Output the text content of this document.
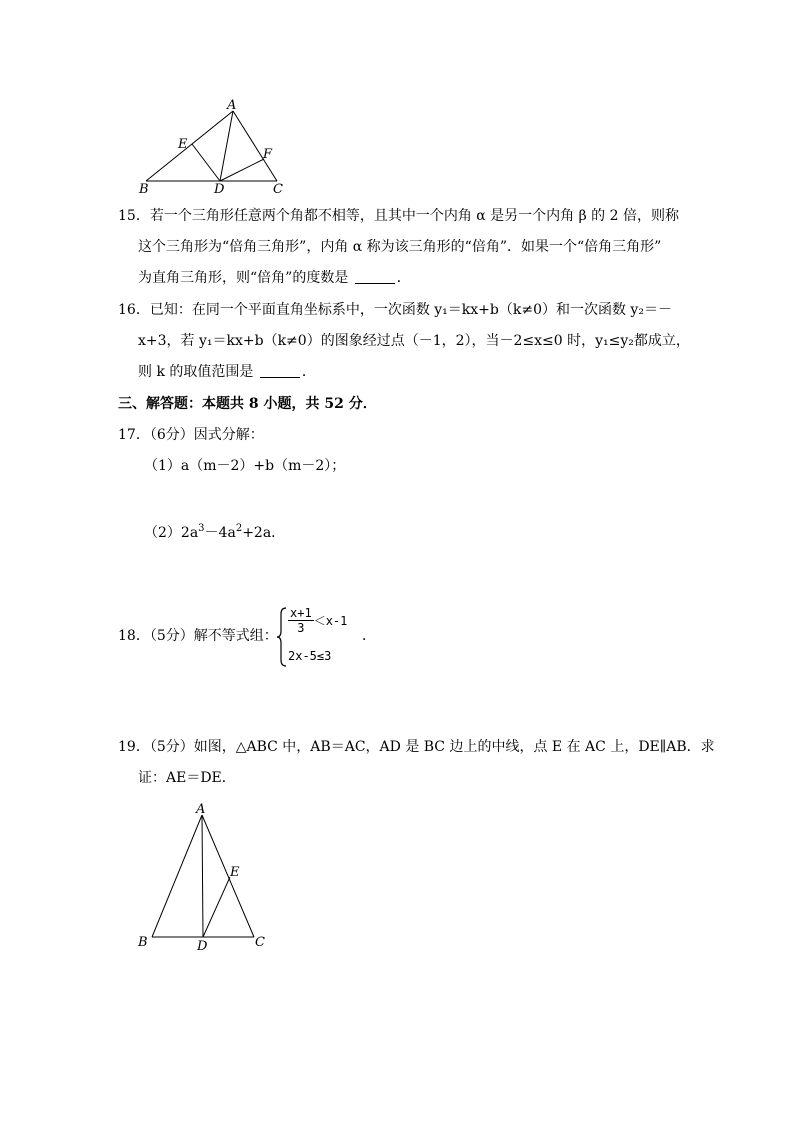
A
E
F
B	D	C
15．若一个三角形任意两个角都不相等，且其中一个内角 α 是另一个内角 β 的 2 倍，则称
这个三角形为“倍角三角形”，内角 α 称为该三角形的“倍角”．如果一个“倍角三角形”
为直角三角形，则“倍角”的度数是	．
16．已知：在同一个平面直角坐标系中，一次函数 y₁＝kx+b（k≠0）和一次函数 y₂＝－
x+3，若 y₁＝kx+b（k≠0）的图象经过点（－1，2），当－2≤x≤0 时，y₁≤y₂都成立，
则 k 的取值范围是	．
三、解答题：本题共 8 小题，共 52 分．
17．（6分）因式分解：
（1）a（m－2）+b（m－2）；
$(2)2a^3-4a^2+2a$．
18．（5分）解不等式组：
$\frac{x+1}{3} <x-1$
2x-5≤3
．
19．（5分）如图，△ABC 中，AB＝AC，AD 是 BC 边上的中线，点 E 在 AC 上，DE∥AB．求
证：AE＝DE．
A
E
B	D	C
